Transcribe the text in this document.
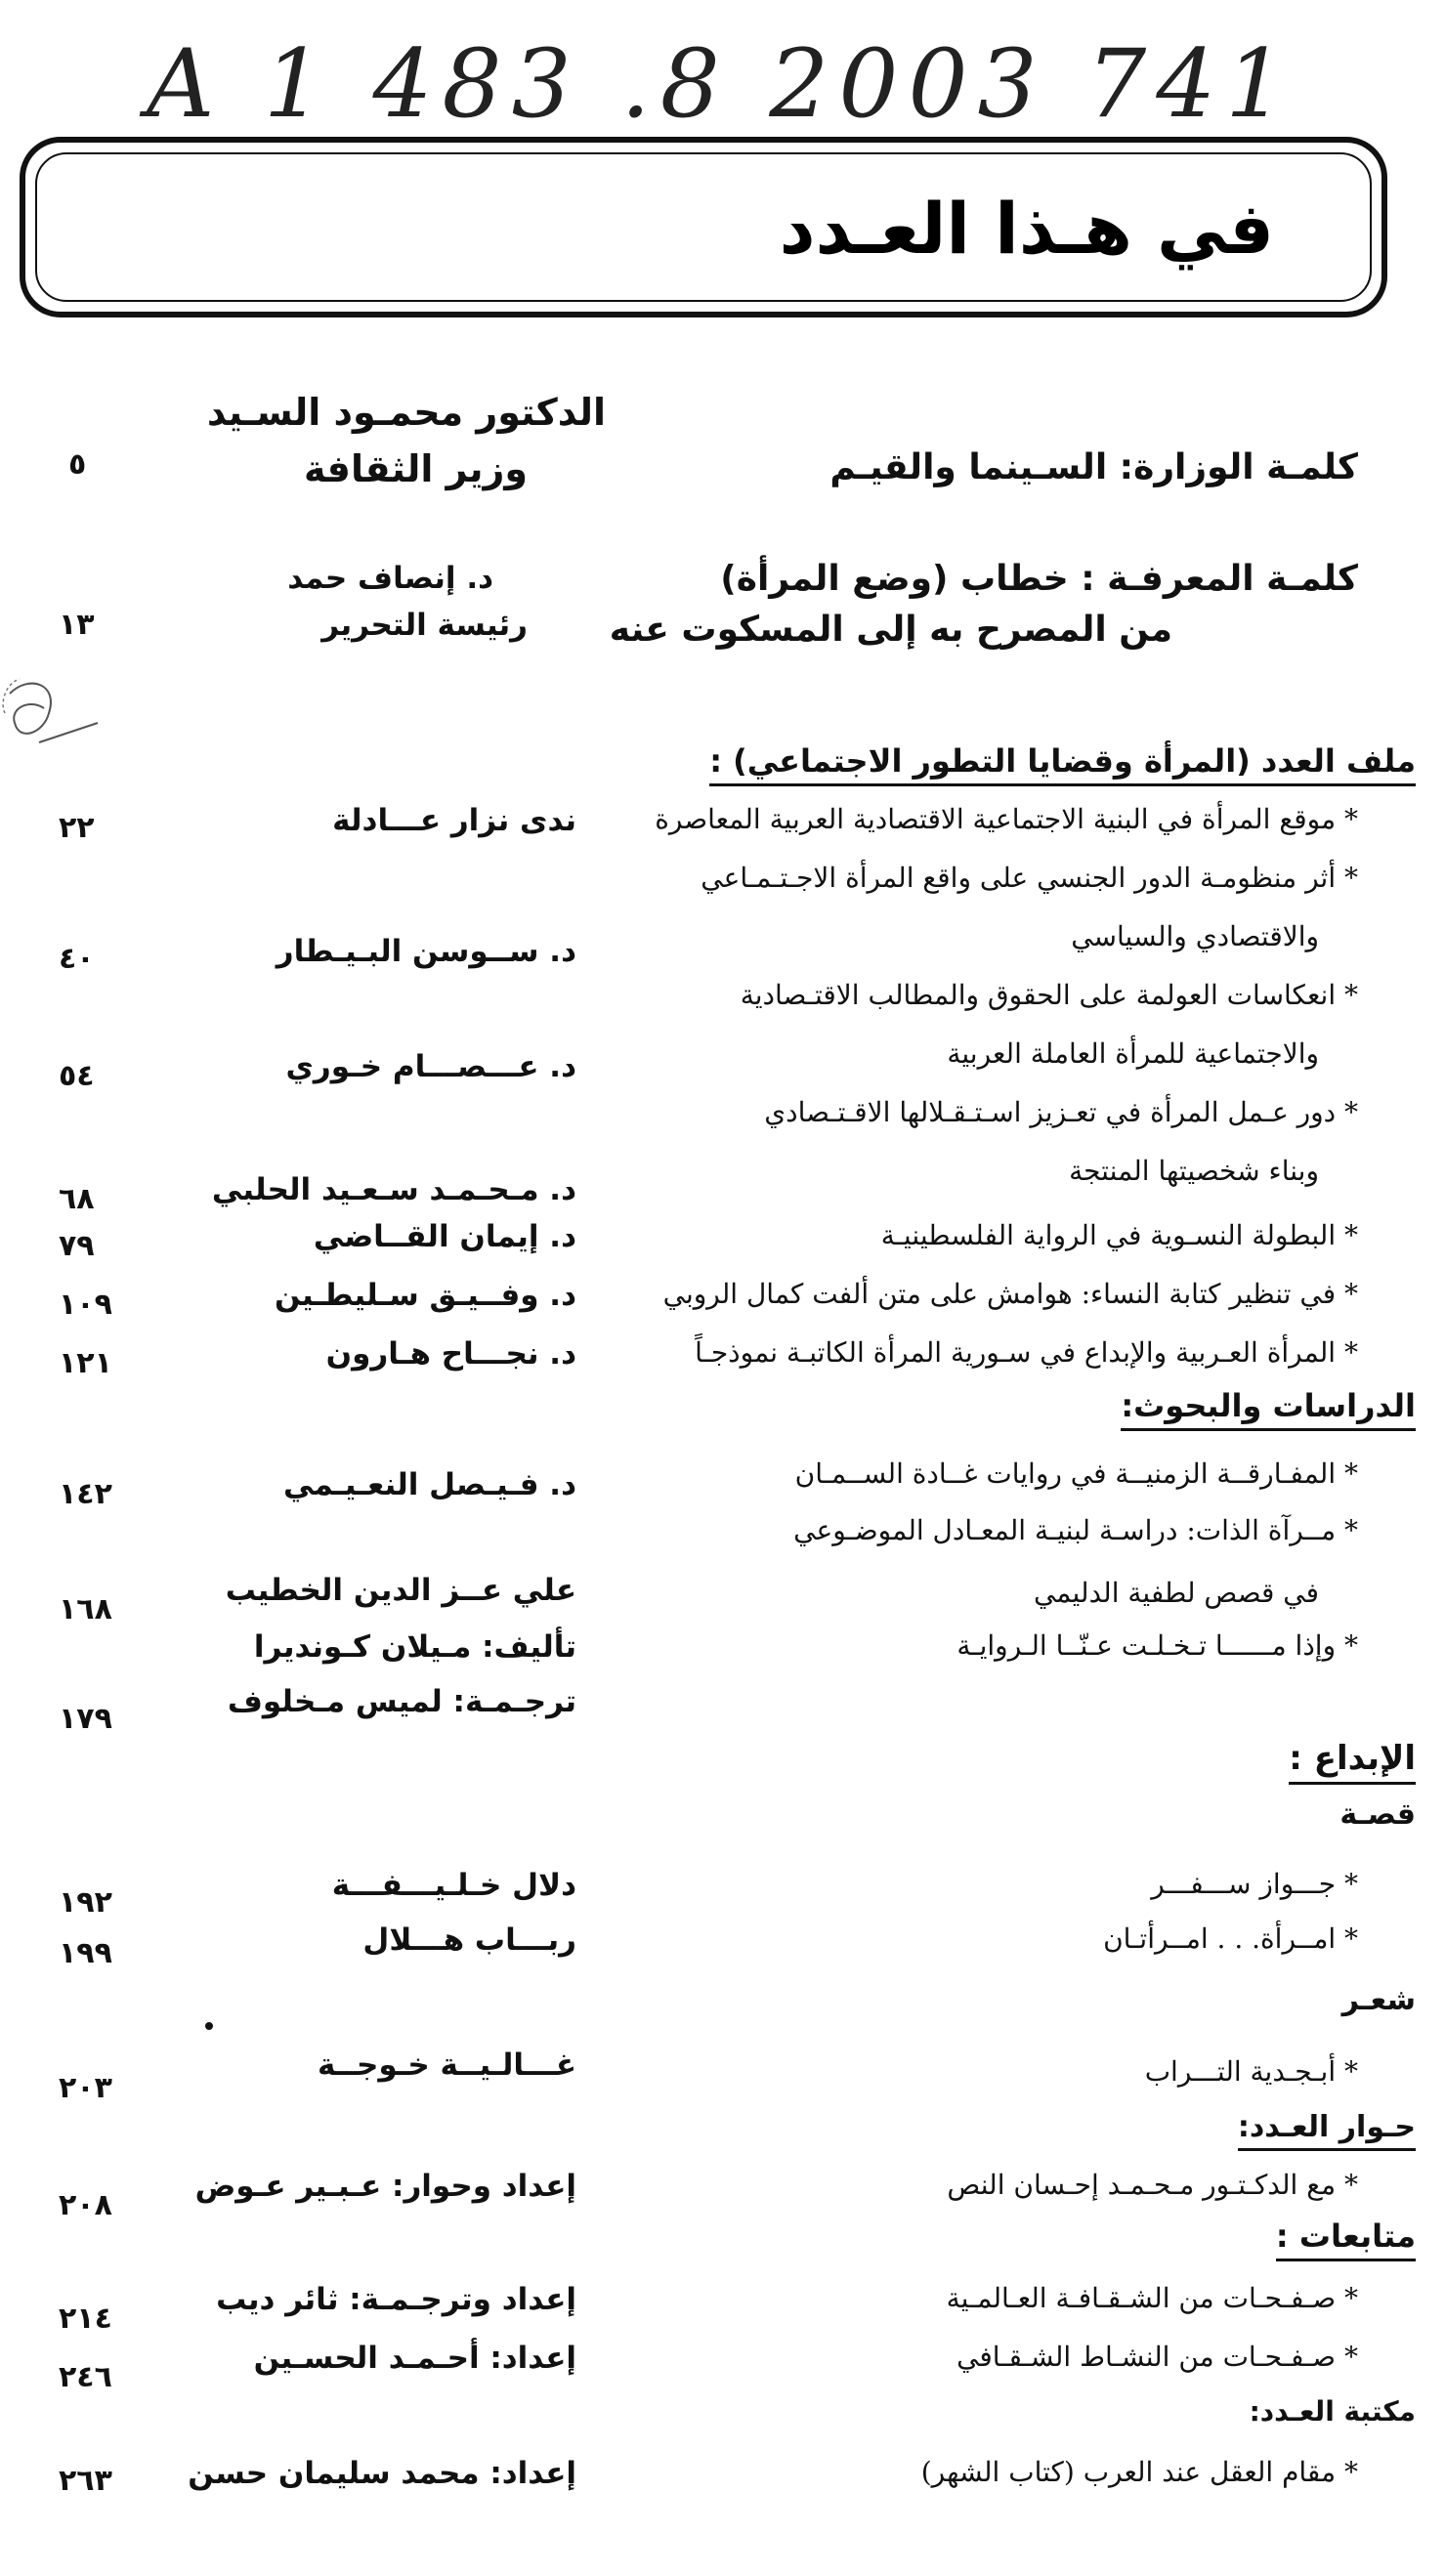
A 1 483 .8 2003 741
في هـذا العـدد
كلمـة الوزارة: السـينما والقيـم
الدكتور محمـود السـيد
وزير الثقافة
٥
كلمـة المعرفـة : خطاب (وضع المرأة)
من المصرح به إلى المسكوت عنه
د. إنصاف حمد
رئيسة التحرير
١٣
ملف العدد (المرأة وقضايا التطور الاجتماعي) :
* موقع المرأة في البنية الاجتماعية الاقتصادية العربية المعاصرة
ندى نزار عـــادلة
٢٢
* أثر منظومـة الدور الجنسي على واقع المرأة الاجـتـمـاعي
والاقتصادي والسياسي
د. ســوسن البـيـطار
٤٠
* انعكاسات العولمة على الحقوق والمطالب الاقتـصادية
والاجتماعية للمرأة العاملة العربية
د. عـــصـــام خـوري
٥٤
* دور عـمل المرأة في تعـزيز اسـتـقـلالها الاقـتـصادي
وبناء شخصيتها المنتجة
د. مـحـمـد سـعـيد الحلبي
٦٨
* البطولة النسـوية في الرواية الفلسطينيـة
د. إيمان القــاضي
٧٩
* في تنظير كتابة النساء: هوامش على متن ألفت كمال الروبي
د. وفــيـق سـليطـين
١٠٩
* المرأة العـربية والإبداع في سـورية المرأة الكاتبـة نموذجـاً
د. نجـــاح هـارون
١٢١
الدراسات والبحوث:
* المفـارقــة الزمنيــة في روايات غــادة الســمـان
د. فـيـصل النعـيـمي
١٤٢
* مــرآة الذات: دراسـة لبنيـة المعـادل الموضـوعي
في قصص لطفية الدليمي
علي عــز الدين الخطيب
١٦٨
* وإذا مــــــا تـخـلـت عـنّــا الـروايـة
تأليف: مـيلان كـونديرا
ترجـمـة: لميس مـخلوف
١٧٩
الإبداع :
قصـة
* جـــواز ســـفـــر
دلال خـلـيـــفـــة
١٩٢
* امــرأة. . . امــرأتـان
ربـــاب هـــلال
١٩٩
شعـر
* أبـجـدية التـــراب
غـــالـيــة خـوجــة
٢٠٣
حـوار العـدد:
* مع الدكـتـور مـحـمـد إحـسان النص
إعداد وحوار: عـبـير عـوض
٢٠٨
متابعات :
* صـفـحـات من الشـقـافـة العـالمـية
إعداد وترجـمـة: ثائر ديب
٢١٤
* صـفـحـات من النشـاط الشـقـافي
إعداد: أحـمـد الحسـين
٢٤٦
مكتبة العـدد:
* مقام العقل عند العرب (كتاب الشهر)
إعداد: محمد سليمان حسن
٢٦٣
